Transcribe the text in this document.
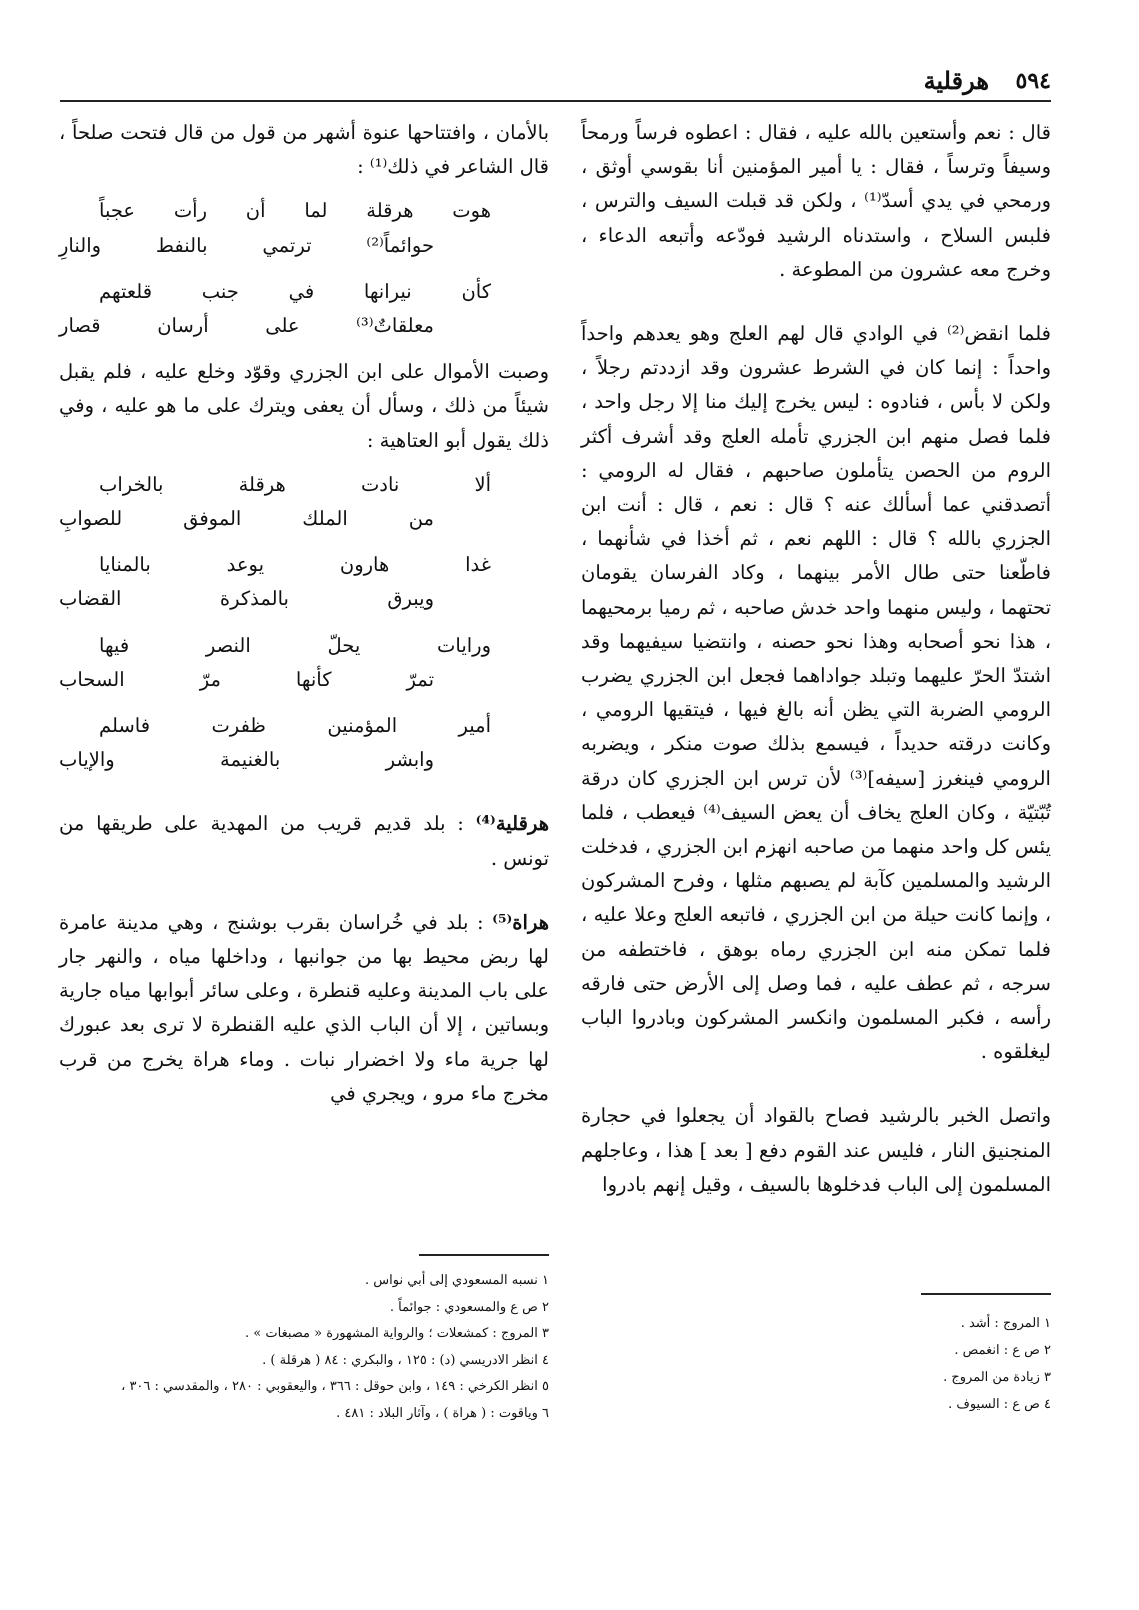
٥٩٤
هرقلية

قال : نعم وأستعين بالله عليه ، فقال : اعطوه فرساً ورمحاً وسيفاً وترساً ، فقال : يا أمير المؤمنين أنا بقوسي أوثق ، ورمحي في يدي أسدّ⁽¹⁾ ، ولكن قد قبلت السيف والترس ، فلبس السلاح ، واستدناه الرشيد فودّعه وأتبعه الدعاء ، وخرج معه عشرون من المطوعة .

فلما انقض⁽²⁾ في الوادي قال لهم العلج وهو يعدهم واحداً واحداً : إنما كان في الشرط عشرون وقد ازددتم رجلاً ، ولكن لا بأس ، فنادوه : ليس يخرج إليك منا إلا رجل واحد ، فلما فصل منهم ابن الجزري تأمله العلج وقد أشرف أكثر الروم من الحصن يتأملون صاحبهم ، فقال له الرومي : أتصدقني عما أسألك عنه ؟ قال : نعم ، قال : أنت ابن الجزري بالله ؟ قال : اللهم نعم ، ثم أخذا في شأنهما ، فاطّعنا حتى طال الأمر بينهما ، وكاد الفرسان يقومان تحتهما ، وليس منهما واحد خدش صاحبه ، ثم رميا برمحيهما ، هذا نحو أصحابه وهذا نحو حصنه ، وانتضيا سيفيهما وقد اشتدّ الحرّ عليهما وتبلد جواداهما فجعل ابن الجزري يضرب الرومي الضربة التي يظن أنه بالغ فيها ، فيتقيها الرومي ، وكانت درقته حديداً ، فيسمع بذلك صوت منكر ، ويضربه الرومي فينغرز [سيفه]⁽³⁾ لأن ترس ابن الجزري كان درقة تُبّتيّة ، وكان العلج يخاف أن يعض السيف⁽⁴⁾ فيعطب ، فلما يئس كل واحد منهما من صاحبه انهزم ابن الجزري ، فدخلت الرشيد والمسلمين كآبة لم يصبهم مثلها ، وفرح المشركون ، وإنما كانت حيلة من ابن الجزري ، فاتبعه العلج وعلا عليه ، فلما تمكن منه ابن الجزري رماه بوهق ، فاختطفه من سرجه ، ثم عطف عليه ، فما وصل إلى الأرض حتى فارقه رأسه ، فكبر المسلمون وانكسر المشركون وبادروا الباب ليغلقوه .

واتصل الخبر بالرشيد فصاح بالقواد أن يجعلوا في حجارة المنجنيق النار ، فليس عند القوم دفع [ بعد ] هذا ، وعاجلهم المسلمون إلى الباب فدخلوها بالسيف ، وقيل إنهم بادروا

بالأمان ، وافتتاحها عنوة أشهر من قول من قال فتحت صلحاً ، قال الشاعر في ذلك⁽¹⁾ :

هوت
هرقلة
لما
أن
رأت
عجباً
حوائماً⁽²⁾
ترتمي
بالنفط
والنارِ
كأن
نيرانها
في
جنب
قلعتهم
معلقاتٌ⁽³⁾
على
أرسان
قصار

وصبت الأموال على ابن الجزري وقوّد وخلع عليه ، فلم يقبل شيئاً من ذلك ، وسأل أن يعفى ويترك على ما هو عليه ، وفي ذلك يقول أبو العتاهية :

ألا
نادت
هرقلة
بالخراب
من
الملك
الموفق
للصوابِ
غدا
هارون
يوعد
بالمنايا
ويبرق
بالمذكرة
القضاب
ورايات
يحلّ
النصر
فيها
تمرّ
كأنها
مرّ
السحاب
أمير
المؤمنين
ظفرت
فاسلم
وابشر
بالغنيمة
والإياب

هرقلية⁽⁴⁾ : بلد قديم قريب من المهدية على طريقها من تونس .

هراة⁽⁵⁾ : بلد في خُراسان بقرب بوشنج ، وهي مدينة عامرة لها ربض محيط بها من جوانبها ، وداخلها مياه ، والنهر جار على باب المدينة وعليه قنطرة ، وعلى سائر أبوابها مياه جارية وبساتين ، إلا أن الباب الذي عليه القنطرة لا ترى بعد عبورك لها جرية ماء ولا اخضرار نبات . وماء هراة يخرج من قرب مخرج ماء مرو ، ويجري في

١ المروج : أشد .
٢ ص ع : انغمص .
٣ زيادة من المروج .
٤ ص ع : السيوف .
١ نسبه المسعودي إلى أبي نواس .
٢ ص ع والمسعودي : جوائماً .
٣ المروج : كمشعلات ؛ والرواية المشهورة « مصبغات » .
٤ انظر الادريسي (د) : ١٢٥ ، والبكري : ٨٤ ( هرقلة ) .
٥ انظر الكرخي : ١٤٩ ، وابن حوقل : ٣٦٦ ، واليعقوبي : ٢٨٠ ، والمقدسي : ٣٠٦ ،
٦ وياقوت : ( هراة ) ، وآثار البلاد : ٤٨١ .
